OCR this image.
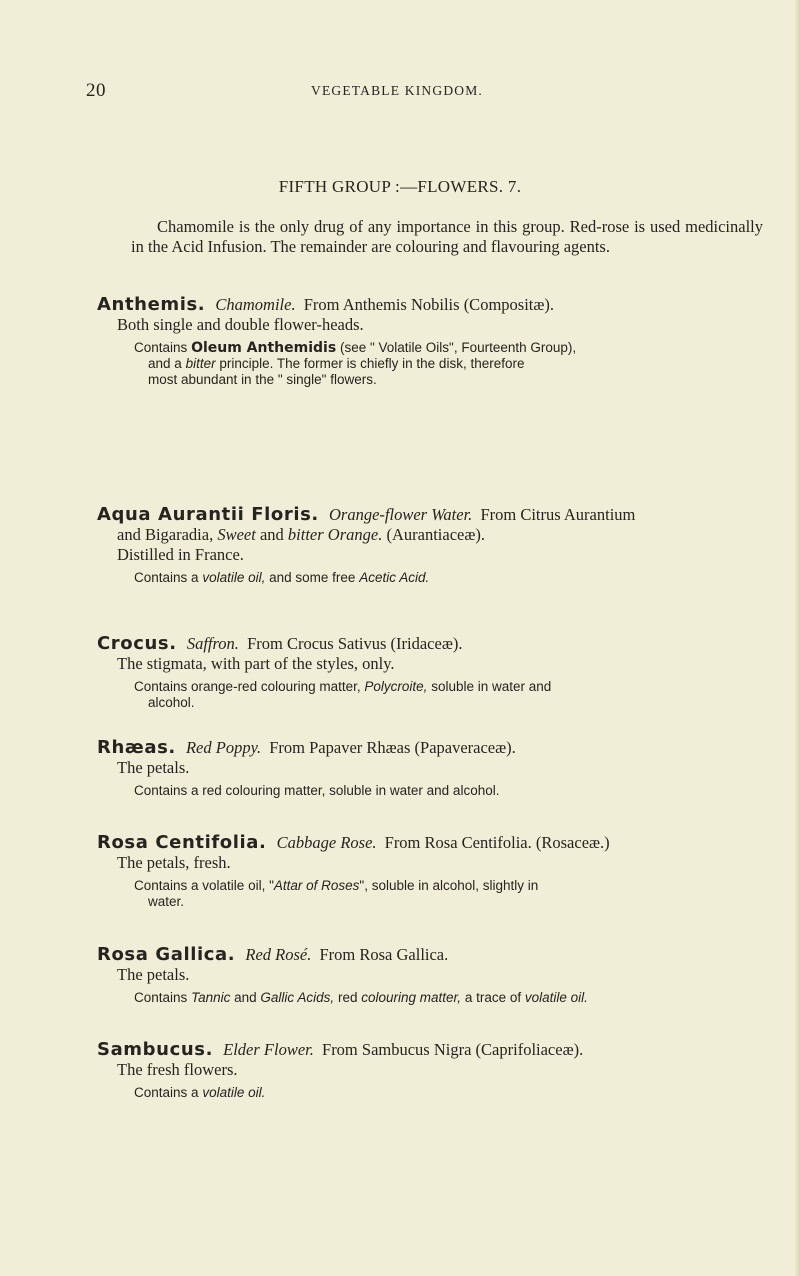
20	VEGETABLE KINGDOM.
FIFTH GROUP :—FLOWERS. 7.
Chamomile is the only drug of any importance in this group. Red-rose is used medicinally in the Acid Infusion. The remainder are colouring and flavouring agents.
Anthemis. Chamomile. From Anthemis Nobilis (Compositæ).
Both single and double flower-heads.
Contains Oleum Anthemidis (see " Volatile Oils", Fourteenth Group),
and a bitter principle. The former is chiefly in the disk, therefore
most abundant in the " single" flowers.
Aqua Aurantii Floris. Orange-flower Water. From Citrus Aurantium
and Bigaradia, Sweet and bitter Orange. (Aurantiaceæ).
Distilled in France.
Contains a volatile oil, and some free Acetic Acid.
Crocus. Saffron. From Crocus Sativus (Iridaceæ).
The stigmata, with part of the styles, only.
Contains orange-red colouring matter, Polycroite, soluble in water and
alcohol.
Rhæas. Red Poppy. From Papaver Rhæas (Papaveraceæ).
The petals.
Contains a red colouring matter, soluble in water and alcohol.
Rosa Centifolia. Cabbage Rose. From Rosa Centifolia. (Rosaceæ.)
The petals, fresh.
Contains a volatile oil, "Attar of Roses", soluble in alcohol, slightly in
water.
Rosa Gallica. Red Rosé. From Rosa Gallica.
The petals.
Contains Tannic and Gallic Acids, red colouring matter, a trace of volatile oil.
Sambucus. Elder Flower. From Sambucus Nigra (Caprifoliaceæ).
The fresh flowers.
Contains a volatile oil.
